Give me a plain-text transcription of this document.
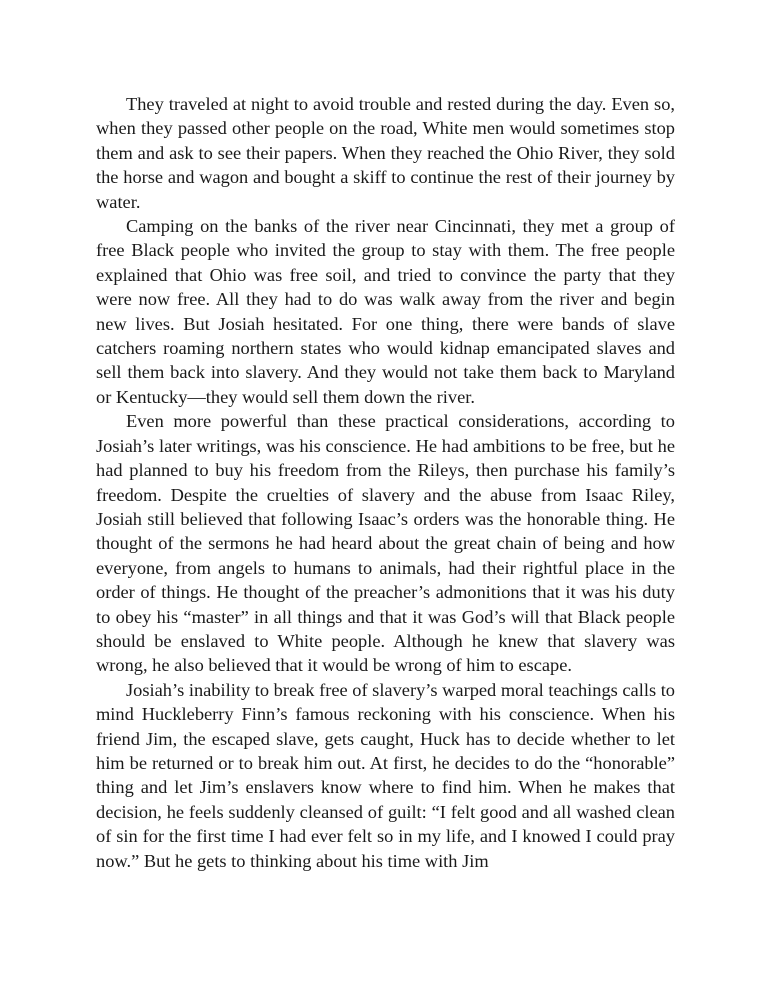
They traveled at night to avoid trouble and rested during the day. Even so, when they passed other people on the road, White men would sometimes stop them and ask to see their papers. When they reached the Ohio River, they sold the horse and wagon and bought a skiff to continue the rest of their journey by water.

Camping on the banks of the river near Cincinnati, they met a group of free Black people who invited the group to stay with them. The free people explained that Ohio was free soil, and tried to convince the party that they were now free. All they had to do was walk away from the river and begin new lives. But Josiah hesitated. For one thing, there were bands of slave catchers roaming northern states who would kidnap emancipated slaves and sell them back into slavery. And they would not take them back to Maryland or Kentucky—they would sell them down the river.

Even more powerful than these practical considerations, according to Josiah’s later writings, was his conscience. He had ambitions to be free, but he had planned to buy his freedom from the Rileys, then purchase his family’s freedom. Despite the cruelties of slavery and the abuse from Isaac Riley, Josiah still believed that following Isaac’s orders was the honorable thing. He thought of the sermons he had heard about the great chain of being and how everyone, from angels to humans to animals, had their rightful place in the order of things. He thought of the preacher’s admonitions that it was his duty to obey his “master” in all things and that it was God’s will that Black people should be enslaved to White people. Although he knew that slavery was wrong, he also believed that it would be wrong of him to escape.

Josiah’s inability to break free of slavery’s warped moral teachings calls to mind Huckleberry Finn’s famous reckoning with his conscience. When his friend Jim, the escaped slave, gets caught, Huck has to decide whether to let him be returned or to break him out. At first, he decides to do the “honorable” thing and let Jim’s enslavers know where to find him. When he makes that decision, he feels suddenly cleansed of guilt: “I felt good and all washed clean of sin for the first time I had ever felt so in my life, and I knowed I could pray now.” But he gets to thinking about his time with Jim
